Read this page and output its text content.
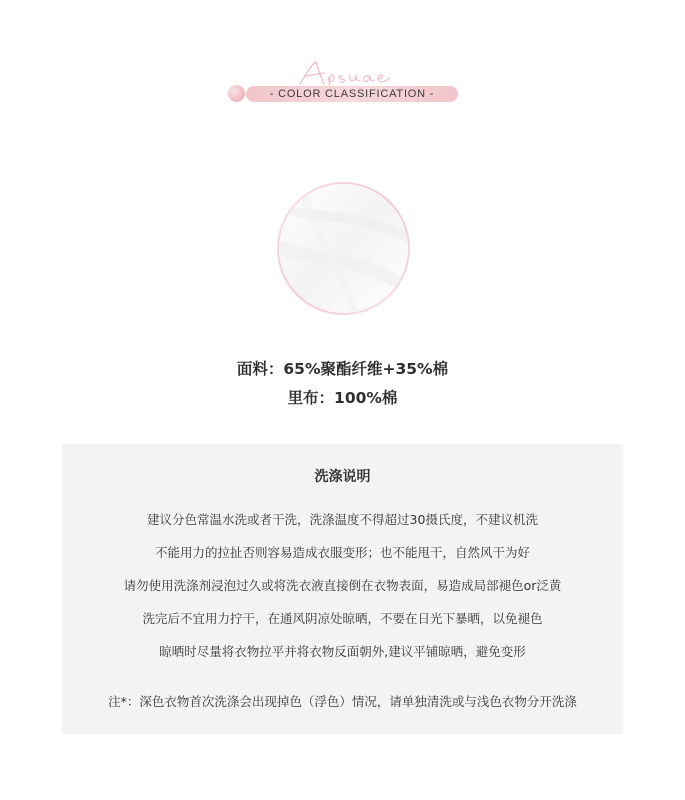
- COLOR CLASSIFICATION -
面料：65%聚酯纤维+35%棉
里布：100%棉
洗涤说明
建议分色常温水洗或者干洗，洗涤温度不得超过30摄氏度，不建议机洗
不能用力的拉扯否则容易造成衣服变形；也不能甩干，自然风干为好
请勿使用洗涤剂浸泡过久或将洗衣液直接倒在衣物表面，易造成局部褪色or泛黄
洗完后不宜用力拧干，在通风阴凉处晾晒，不要在日光下暴晒，以免褪色
晾晒时尽量将衣物拉平并将衣物反面朝外,建议平铺晾晒，避免变形
注*：深色衣物首次洗涤会出现掉色（浮色）情况，请单独清洗或与浅色衣物分开洗涤
